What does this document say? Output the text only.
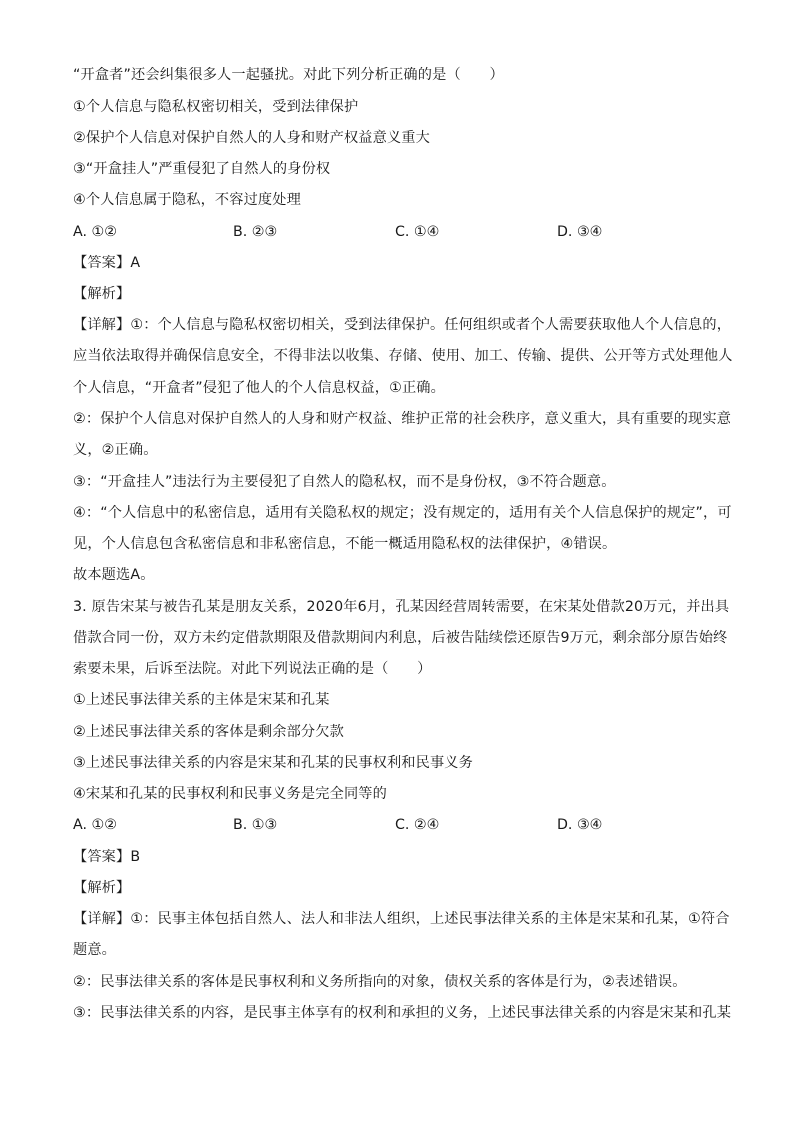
“开盒者”还会纠集很多人一起骚扰。对此下列分析正确的是（　　）
①个人信息与隐私权密切相关，受到法律保护
②保护个人信息对保护自然人的人身和财产权益意义重大
③“开盒挂人”严重侵犯了自然人的身份权
④个人信息属于隐私，不容过度处理
A. ①②	B. ②③	C. ①④	D. ③④
【答案】A
【解析】
【详解】①：个人信息与隐私权密切相关，受到法律保护。任何组织或者个人需要获取他人个人信息的，
应当依法取得并确保信息安全，不得非法以收集、存储、使用、加工、传输、提供、公开等方式处理他人
个人信息，“开盒者”侵犯了他人的个人信息权益，①正确。
②：保护个人信息对保护自然人的人身和财产权益、维护正常的社会秩序，意义重大，具有重要的现实意
义，②正确。
③：“开盒挂人”违法行为主要侵犯了自然人的隐私权，而不是身份权，③不符合题意。
④：“个人信息中的私密信息，适用有关隐私权的规定；没有规定的，适用有关个人信息保护的规定”，可
见，个人信息包含私密信息和非私密信息，不能一概适用隐私权的法律保护，④错误。
故本题选A。
3. 原告宋某与被告孔某是朋友关系，2020年6月，孔某因经营周转需要，在宋某处借款20万元，并出具
借款合同一份，双方未约定借款期限及借款期间内利息，后被告陆续偿还原告9万元，剩余部分原告始终
索要未果，后诉至法院。对此下列说法正确的是（　　）
①上述民事法律关系的主体是宋某和孔某
②上述民事法律关系的客体是剩余部分欠款
③上述民事法律关系的内容是宋某和孔某的民事权利和民事义务
④宋某和孔某的民事权利和民事义务是完全同等的
A. ①②	B. ①③	C. ②④	D. ③④
【答案】B
【解析】
【详解】①：民事主体包括自然人、法人和非法人组织，上述民事法律关系的主体是宋某和孔某，①符合
题意。
②：民事法律关系的客体是民事权利和义务所指向的对象，债权关系的客体是行为，②表述错误。
③：民事法律关系的内容，是民事主体享有的权利和承担的义务，上述民事法律关系的内容是宋某和孔某
